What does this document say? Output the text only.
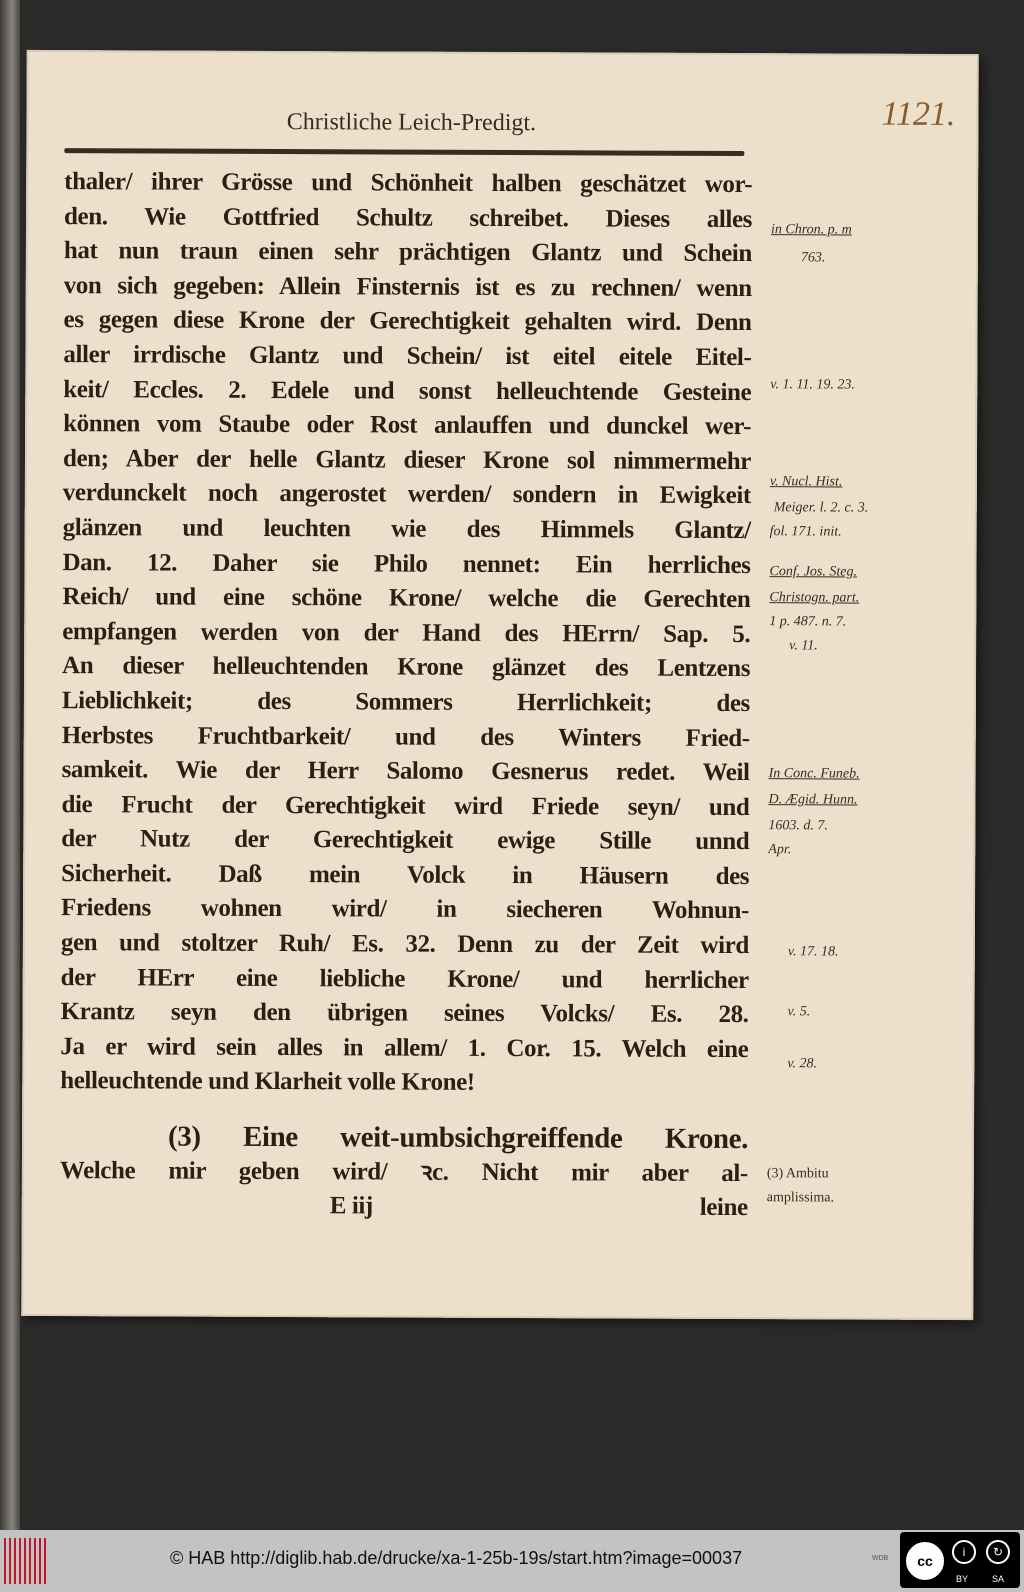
Christliche Leich-Predigt.	1121.
thaler/ ihrer Grösse und Schönheit halben geschätzet wor-
den. Wie Gottfried Schultz schreibet. Dieses alles
hat nun traun einen sehr prächtigen Glantz und Schein
von sich gegeben: Allein Finsternis ist es zu rechnen/ wenn
es gegen diese Krone der Gerechtigkeit gehalten wird. Denn
aller irrdische Glantz und Schein/ ist eitel eitele Eitel-
keit/ Eccles. 2. Edele und sonst helleuchtende Gesteine
können vom Staube oder Rost anlauffen und dunckel wer-
den; Aber der helle Glantz dieser Krone sol nimmermehr
verdunckelt noch angerostet werden/ sondern in Ewigkeit
glänzen und leuchten wie des Himmels Glantz/
Dan. 12. Daher sie Philo nennet: Ein herrliches
Reich/ und eine schöne Krone/ welche die Gerechten
empfangen werden von der Hand des HErrn/ Sap. 5.
An dieser helleuchtenden Krone glänzet des Lentzens
Lieblichkeit; des Sommers Herrlichkeit; des
Herbstes Fruchtbarkeit/ und des Winters Fried-
samkeit. Wie der Herr Salomo Gesnerus redet. Weil
die Frucht der Gerechtigkeit wird Friede seyn/ und
der Nutz der Gerechtigkeit ewige Stille unnd
Sicherheit. Daß mein Volck in Häusern des
Friedens wohnen wird/ in siecheren Wohnun-
gen und stoltzer Ruh/ Es. 32. Denn zu der Zeit wird
der HErr eine liebliche Krone/ und herrlicher
Krantz seyn den übrigen seines Volcks/ Es. 28.
Ja er wird sein alles in allem/ 1. Cor. 15. Welch eine
helleuchtende und Klarheit volle Krone!
(3) Eine weit-umbsichgreiffende Krone.
Welche mir geben wird/ ꝛc. Nicht mir aber al-
E iij	leine
in Chron. p. m
763.
v. 1. 11. 19. 23.
v. Nucl. Hist.
Meiger. l. 2. c. 3.
fol. 171. init.
Conf. Jos. Steg.
Christogn. part.
1 p. 487. n. 7.
v. 11.
In Conc. Funeb.
D. Ægid. Hunn.
1603. d. 7.
Apr.
v. 17. 18.
v. 5.
v. 28.
(3) Ambitu
amplissima.
© HAB http://diglib.hab.de/drucke/xa-1-25b-19s/start.htm?image=00037	WDB	cc
i	↻
BY	SA
